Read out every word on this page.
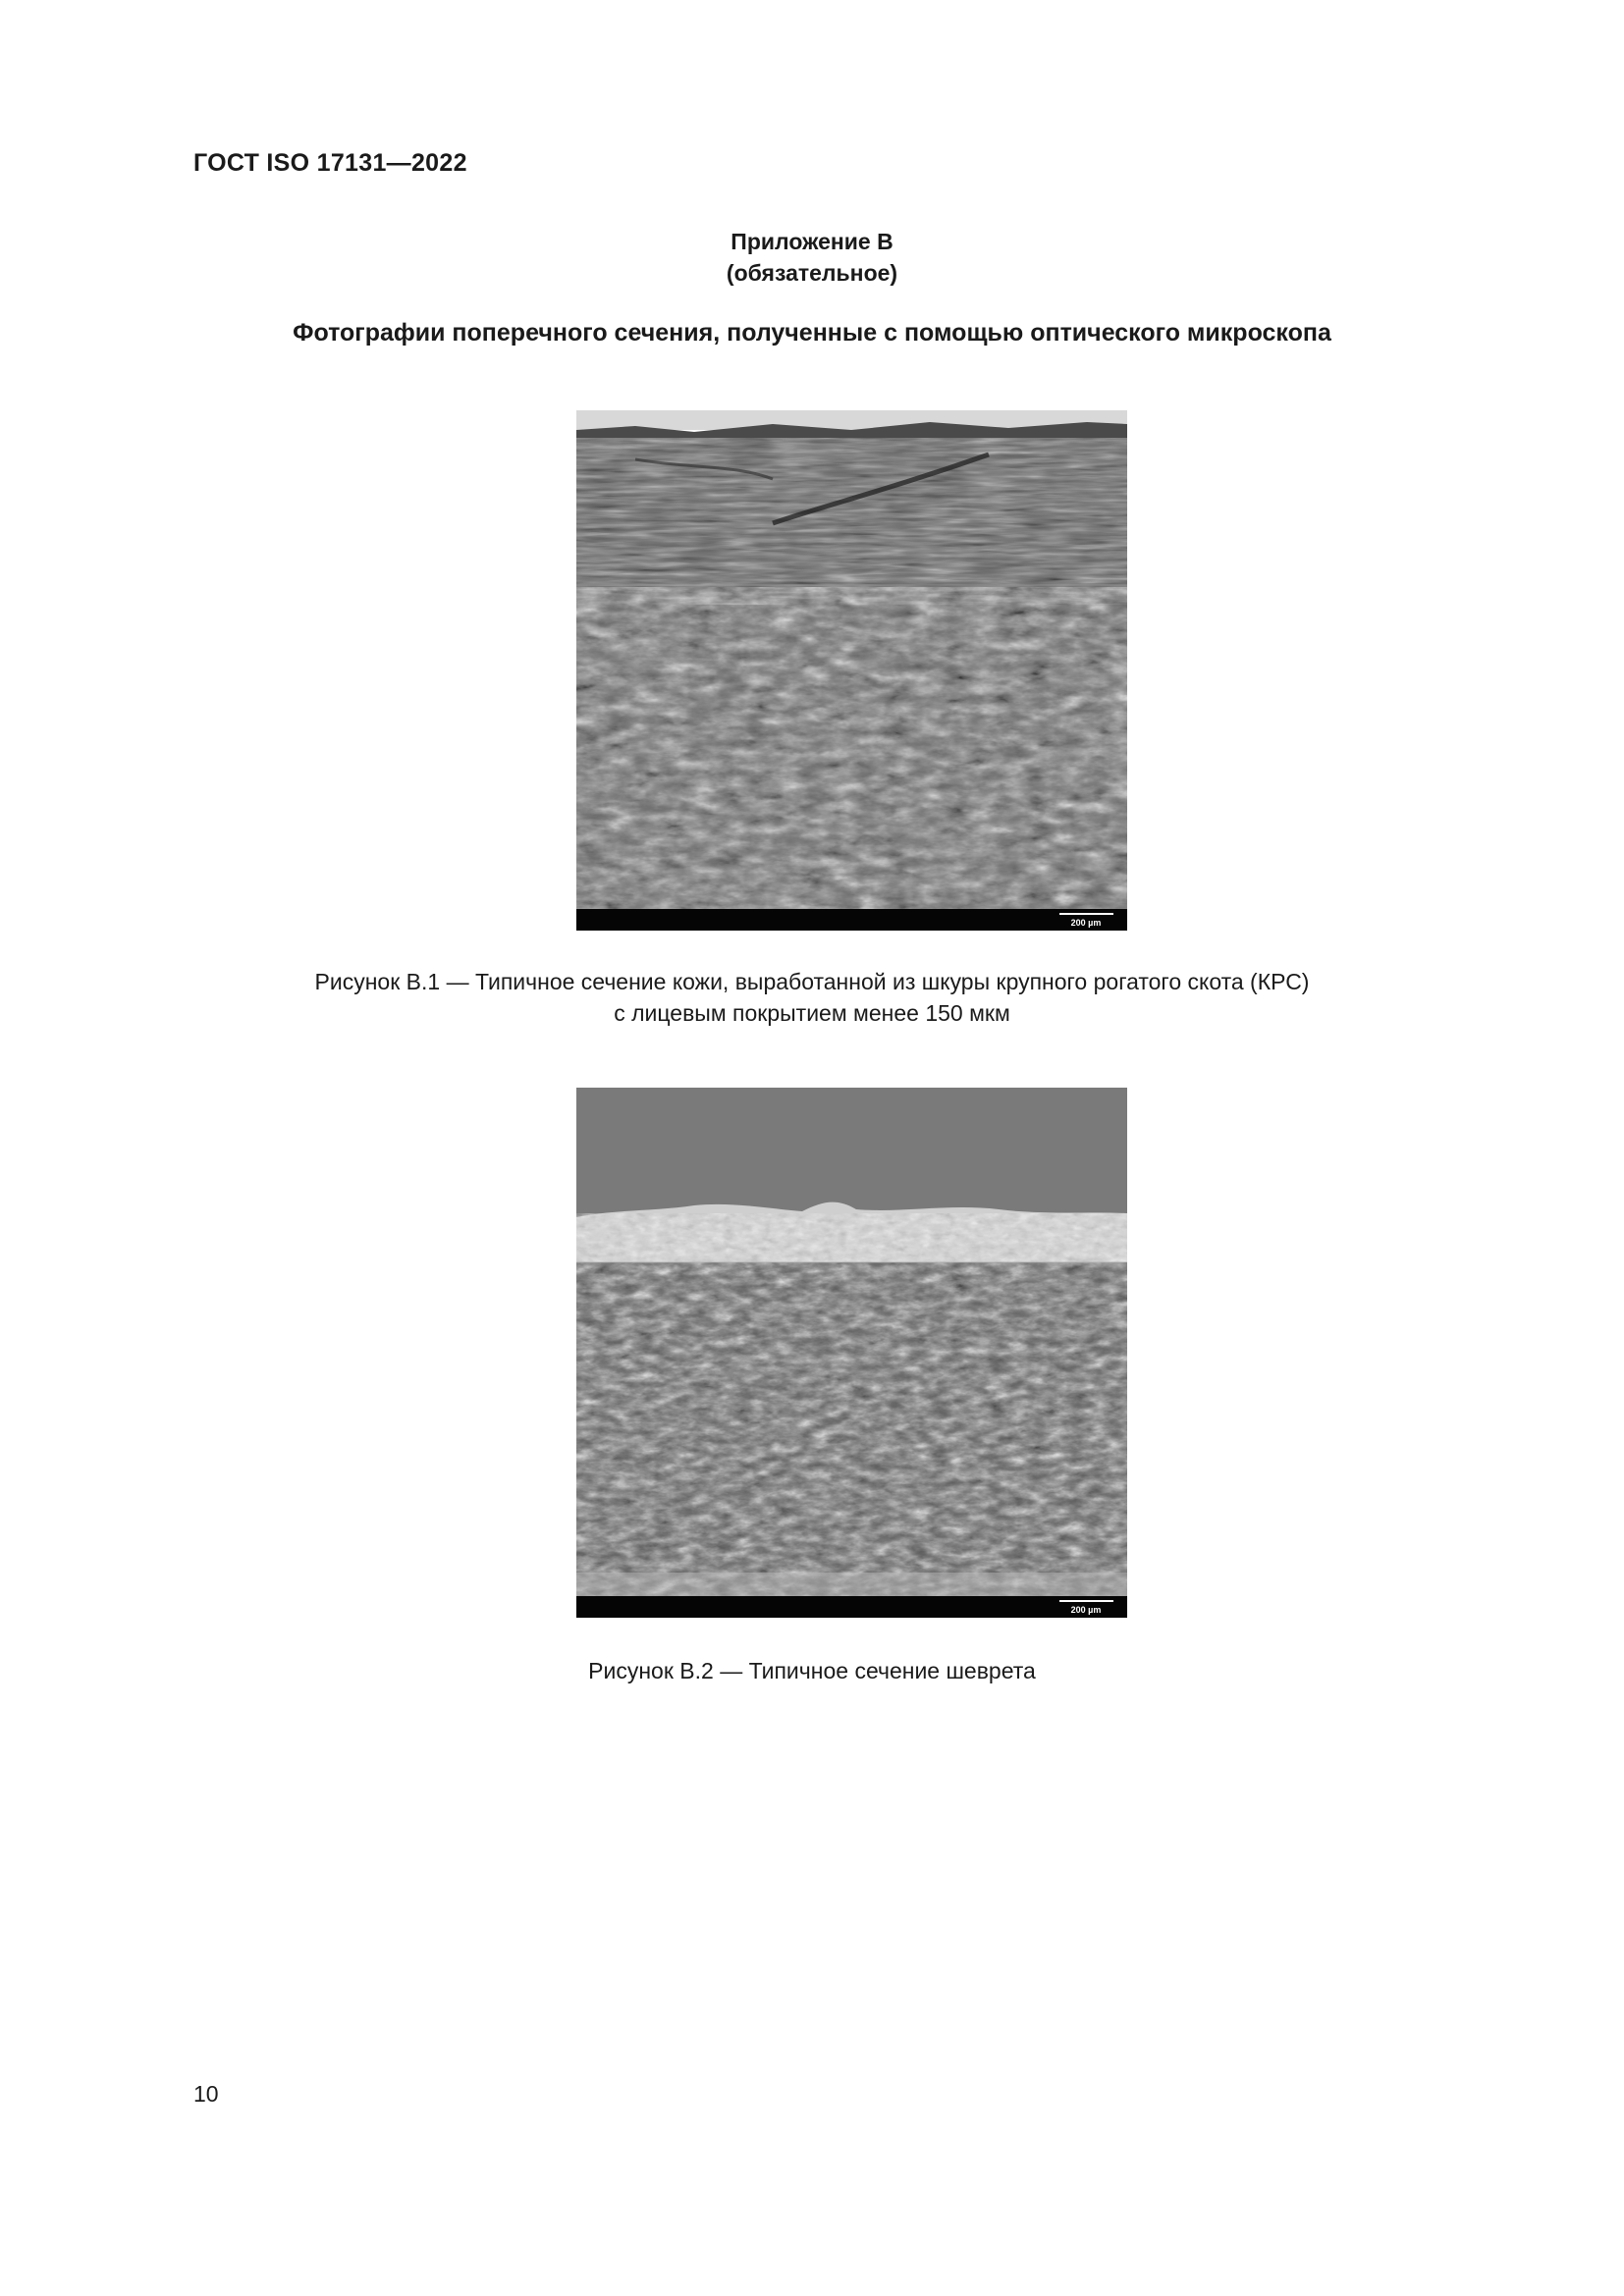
ГОСТ ISO 17131—2022
Приложение В
(обязательное)
Фотографии поперечного сечения, полученные с помощью оптического микроскопа
200 µm
Рисунок В.1 — Типичное сечение кожи, выработанной из шкуры крупного рогатого скота (КРС)
с лицевым покрытием менее 150 мкм
200 µm
Рисунок В.2 — Типичное сечение шеврета
10
